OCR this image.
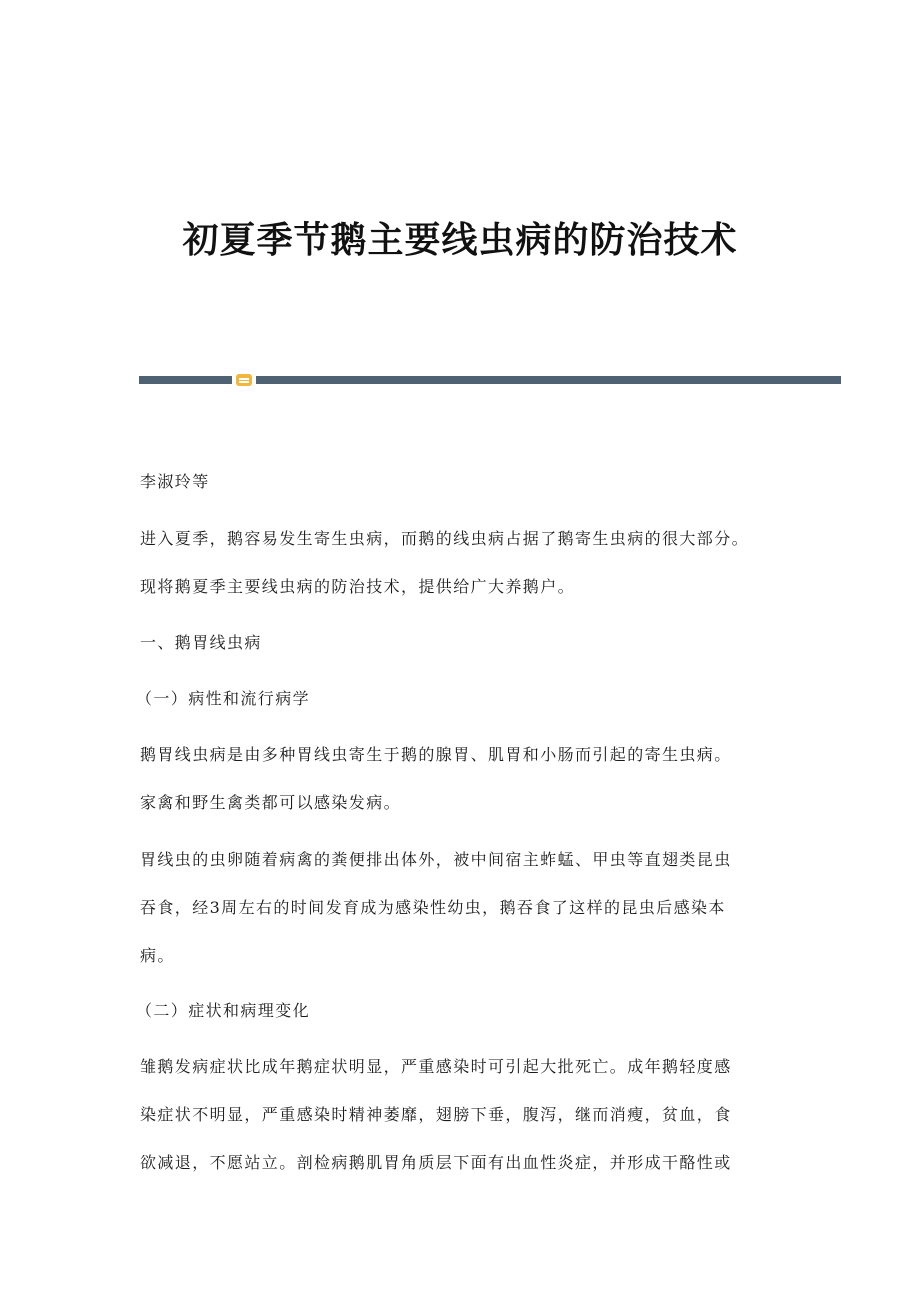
初夏季节鹅主要线虫病的防治技术
李淑玲等
进入夏季，鹅容易发生寄生虫病，而鹅的线虫病占据了鹅寄生虫病的很大部分。
现将鹅夏季主要线虫病的防治技术，提供给广大养鹅户。
一、鹅胃线虫病
（一）病性和流行病学
鹅胃线虫病是由多种胃线虫寄生于鹅的腺胃、肌胃和小肠而引起的寄生虫病。
家禽和野生禽类都可以感染发病。
胃线虫的虫卵随着病禽的粪便排出体外，被中间宿主蚱蜢、甲虫等直翅类昆虫
吞食，经3周左右的时间发育成为感染性幼虫，鹅吞食了这样的昆虫后感染本
病。
（二）症状和病理变化
雏鹅发病症状比成年鹅症状明显，严重感染时可引起大批死亡。成年鹅轻度感
染症状不明显，严重感染时精神萎靡，翅膀下垂，腹泻，继而消瘦，贫血，食
欲减退，不愿站立。剖检病鹅肌胃角质层下面有出血性炎症，并形成干酪性或
